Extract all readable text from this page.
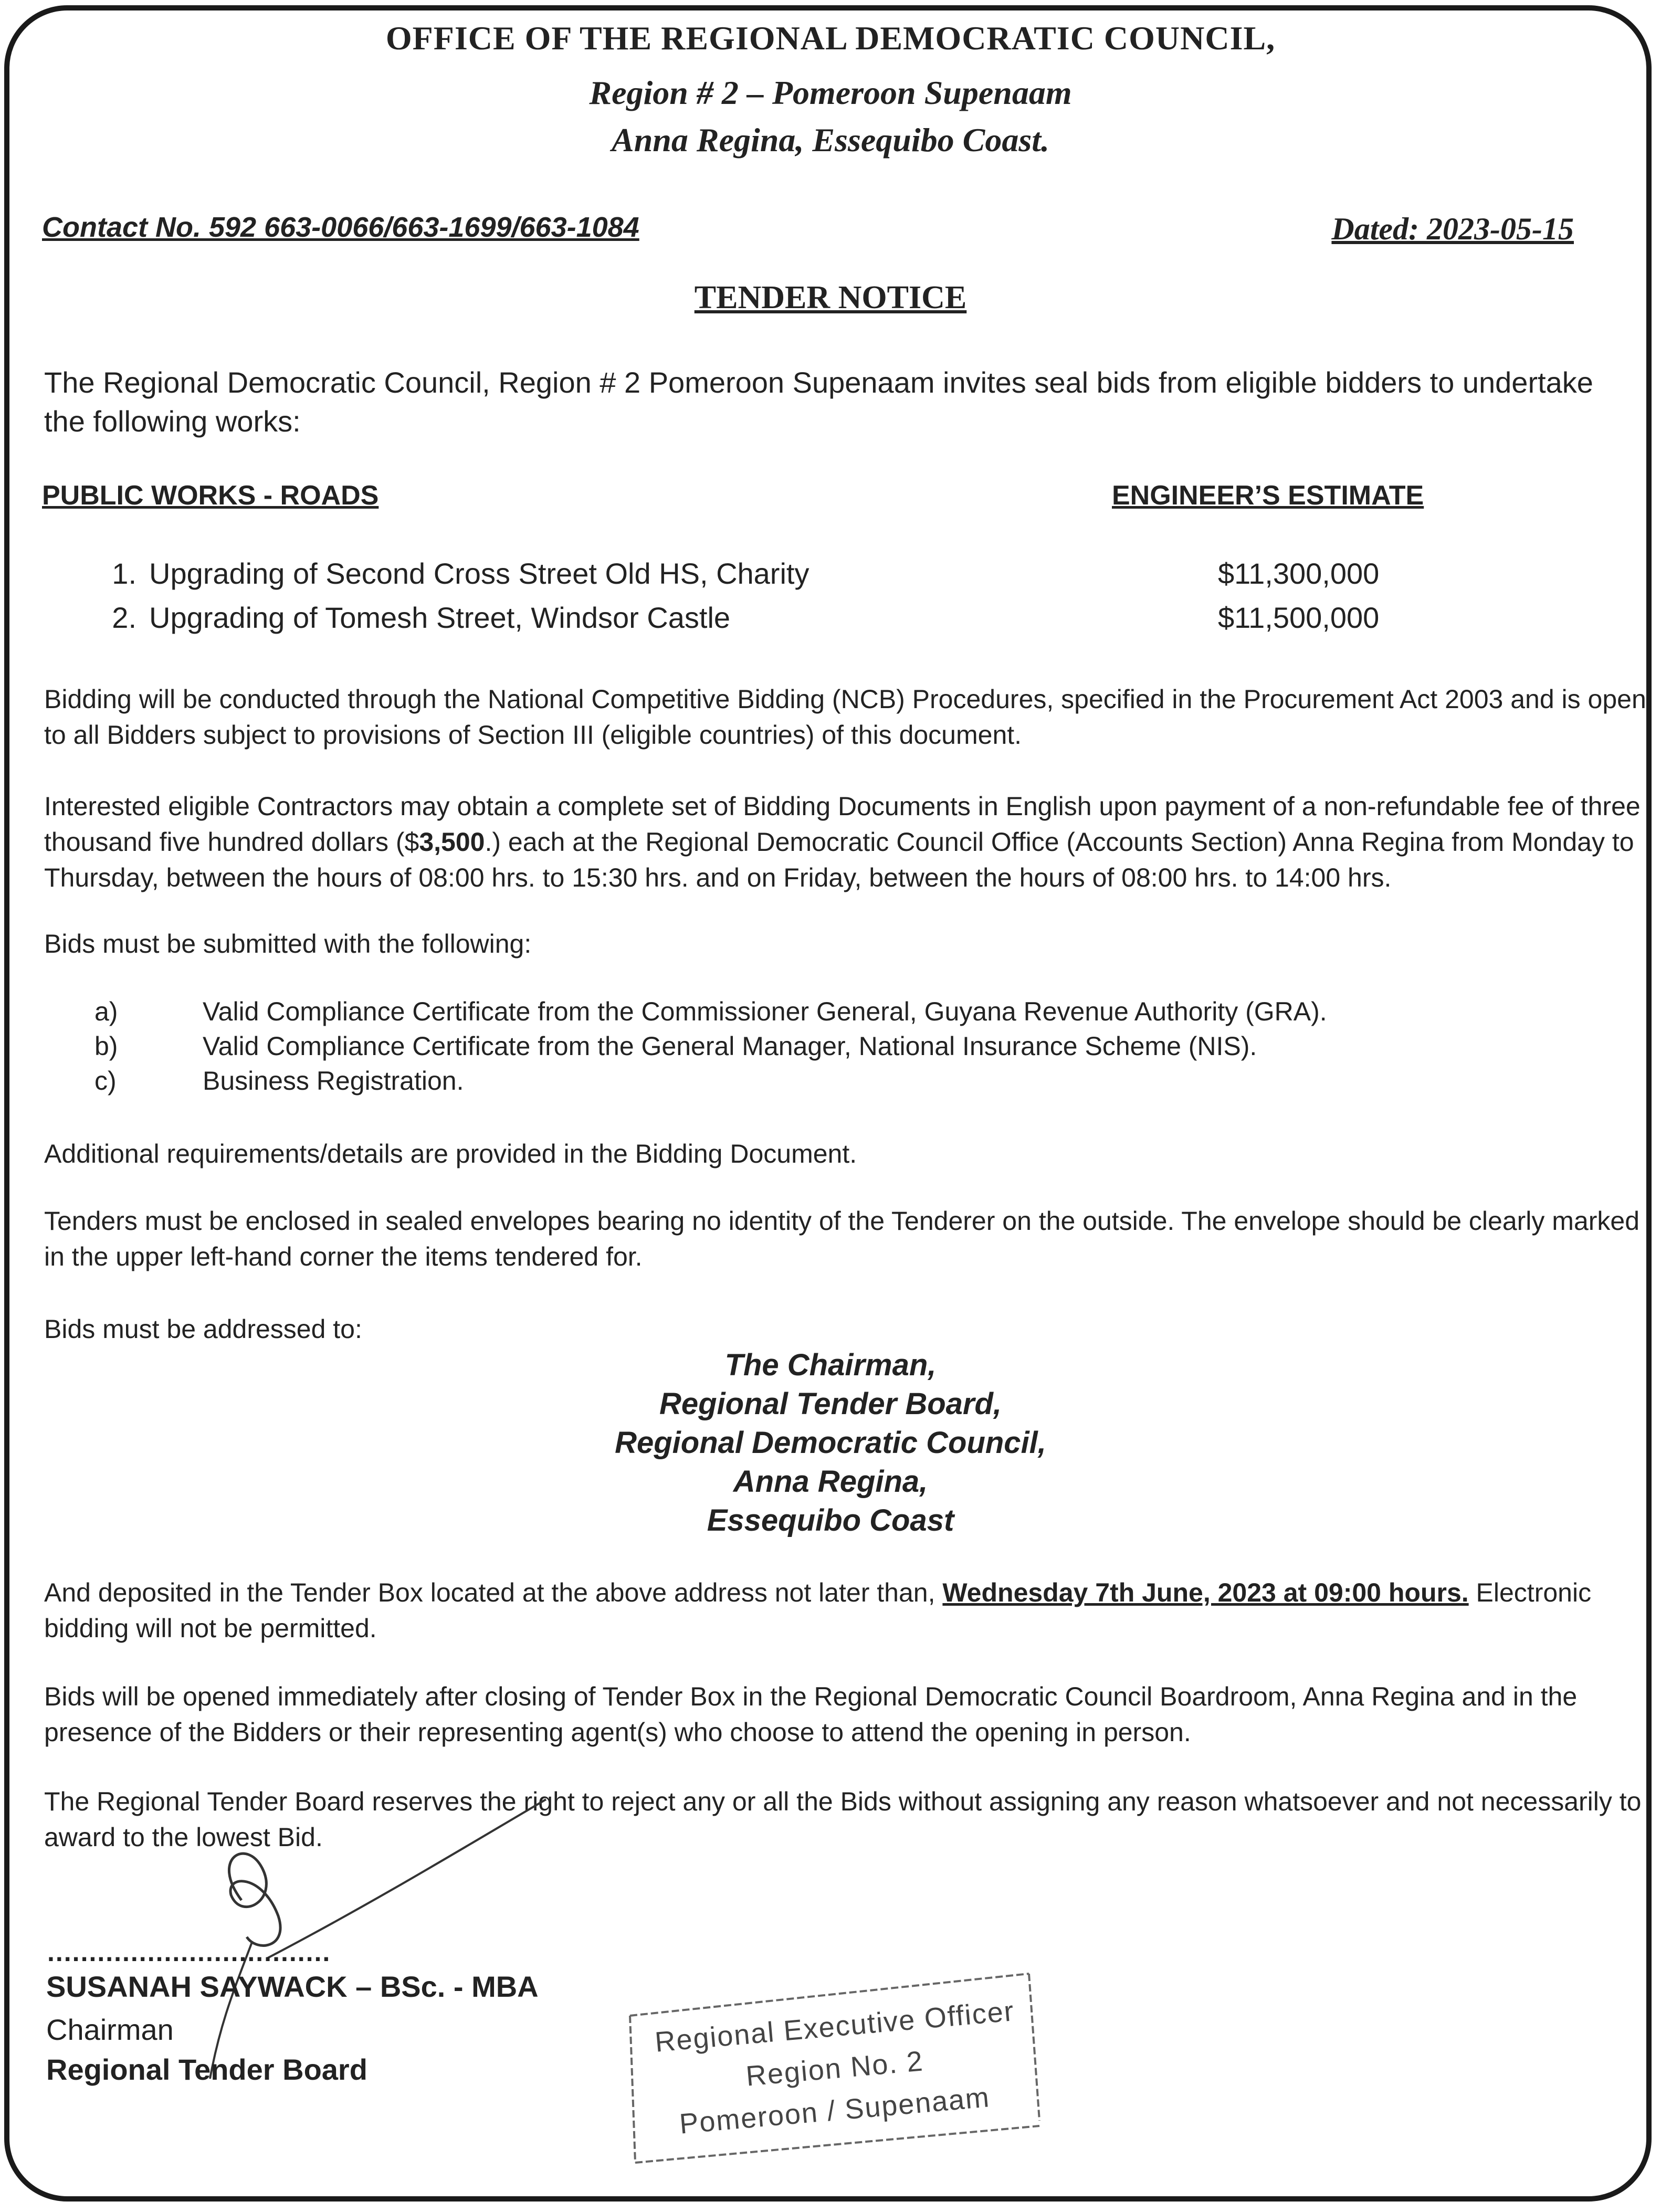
OFFICE OF THE REGIONAL DEMOCRATIC COUNCIL,
Region # 2 – Pomeroon Supenaam
Anna Regina, Essequibo Coast.
Contact No. 592 663-0066/663-1699/663-1084	Dated: 2023-05-15
TENDER NOTICE
The Regional Democratic Council, Region # 2 Pomeroon Supenaam invites seal bids from eligible bidders to undertake the following works:
PUBLIC WORKS - ROADS	ENGINEER’S ESTIMATE
1. Upgrading of Second Cross Street Old HS, Charity	$11,300,000
2. Upgrading of Tomesh Street, Windsor Castle	$11,500,000
Bidding will be conducted through the National Competitive Bidding (NCB) Procedures, specified in the Procurement Act 2003 and is open to all Bidders subject to provisions of Section III (eligible countries) of this document.
Interested eligible Contractors may obtain a complete set of Bidding Documents in English upon payment of a non-refundable fee of three thousand five hundred dollars ($3,500.) each at the Regional Democratic Council Office (Accounts Section) Anna Regina from Monday to Thursday, between the hours of 08:00 hrs. to 15:30 hrs. and on Friday, between the hours of 08:00 hrs. to 14:00 hrs.
Bids must be submitted with the following:
a)	Valid Compliance Certificate from the Commissioner General, Guyana Revenue Authority (GRA).
b)	Valid Compliance Certificate from the General Manager, National Insurance Scheme (NIS).
c)	Business Registration.
Additional requirements/details are provided in the Bidding Document.
Tenders must be enclosed in sealed envelopes bearing no identity of the Tenderer on the outside. The envelope should be clearly marked in the upper left-hand corner the items tendered for.
Bids must be addressed to:
The Chairman,
Regional Tender Board,
Regional Democratic Council,
Anna Regina,
Essequibo Coast
And deposited in the Tender Box located at the above address not later than, Wednesday 7th June, 2023 at 09:00 hours. Electronic bidding will not be permitted.
Bids will be opened immediately after closing of Tender Box in the Regional Democratic Council Boardroom, Anna Regina and in the presence of the Bidders or their representing agent(s) who choose to attend the opening in person.
The Regional Tender Board reserves the right to reject any or all the Bids without assigning any reason whatsoever and not necessarily to award to the lowest Bid.
..................................
SUSANAH SAYWACK – BSc. - MBA
Chairman
Regional Tender Board
Regional Executive Officer
Region No. 2
Pomeroon / Supenaam
